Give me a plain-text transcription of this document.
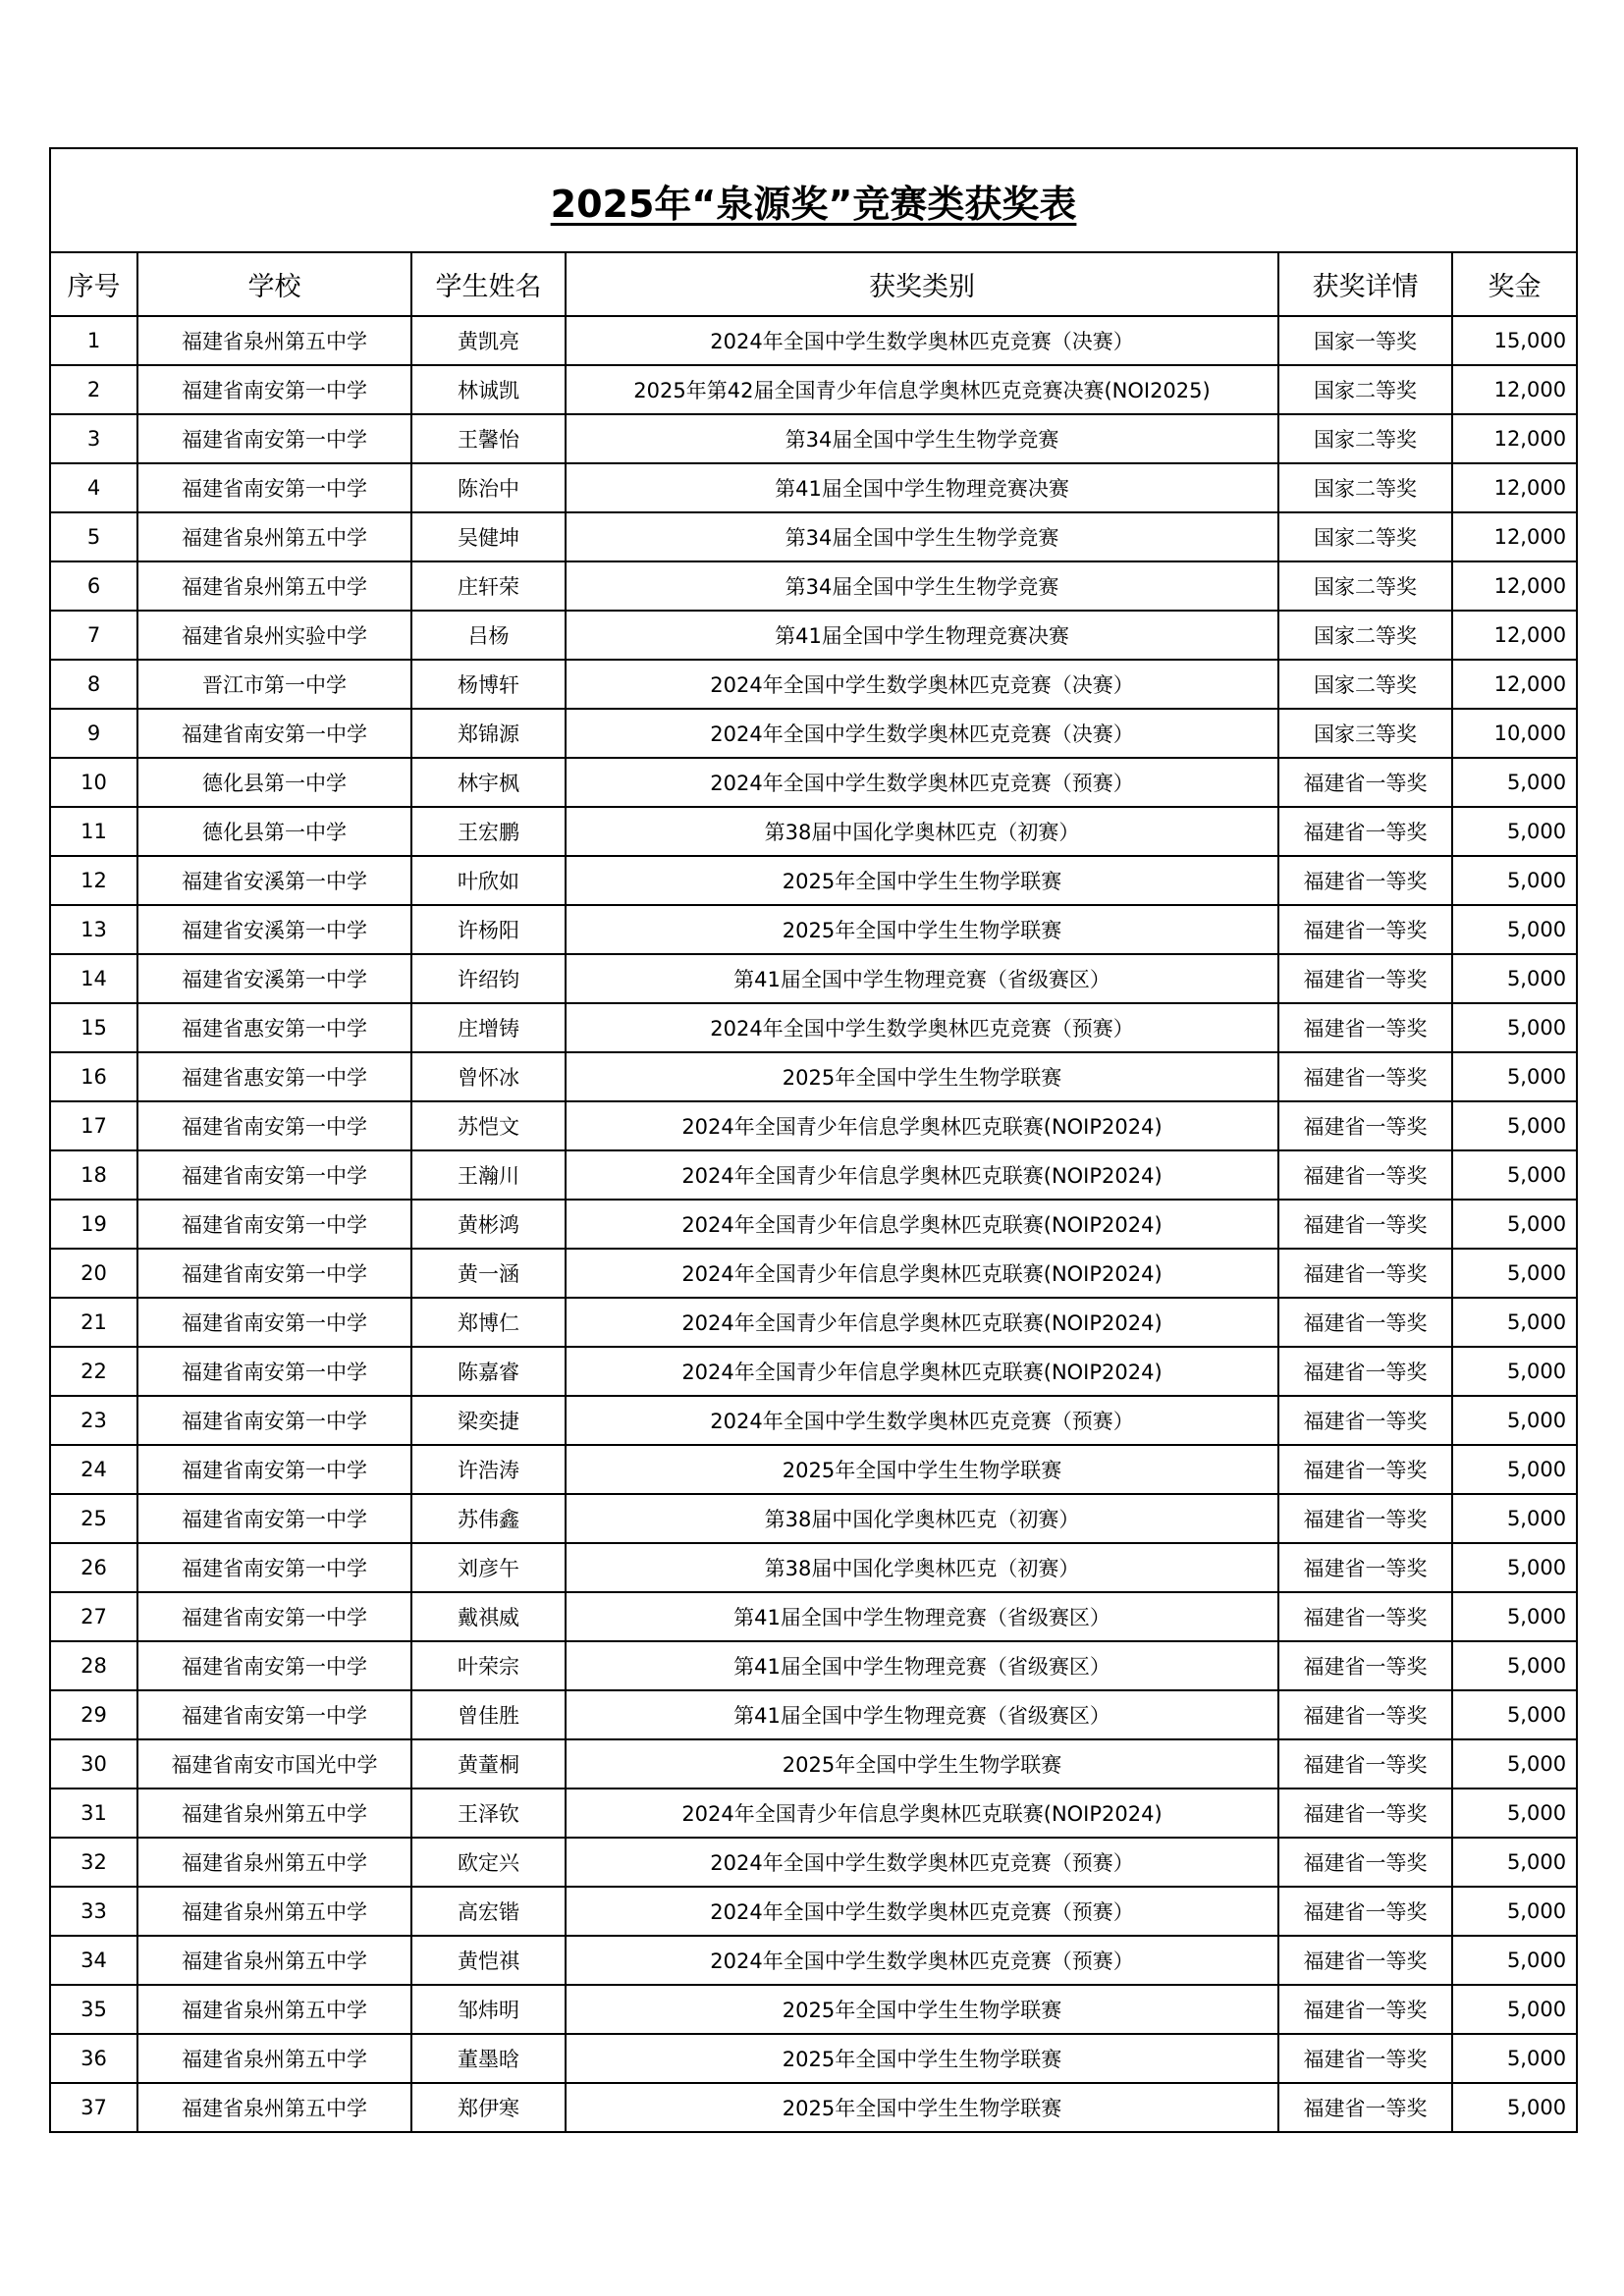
2025年“泉源奖”竞赛类获奖表					
序号	学校	学生姓名	获奖类别	获奖详情	奖金
1	福建省泉州第五中学	黄凯亮	2024年全国中学生数学奥林匹克竞赛（决赛）	国家一等奖	15,000
2	福建省南安第一中学	林诚凯	2025年第42届全国青少年信息学奥林匹克竞赛决赛(NOI2025)	国家二等奖	12,000
3	福建省南安第一中学	王馨怡	第34届全国中学生生物学竞赛	国家二等奖	12,000
4	福建省南安第一中学	陈治中	第41届全国中学生物理竞赛决赛	国家二等奖	12,000
5	福建省泉州第五中学	吴健坤	第34届全国中学生生物学竞赛	国家二等奖	12,000
6	福建省泉州第五中学	庄轩荣	第34届全国中学生生物学竞赛	国家二等奖	12,000
7	福建省泉州实验中学	吕杨	第41届全国中学生物理竞赛决赛	国家二等奖	12,000
8	晋江市第一中学	杨博轩	2024年全国中学生数学奥林匹克竞赛（决赛）	国家二等奖	12,000
9	福建省南安第一中学	郑锦源	2024年全国中学生数学奥林匹克竞赛（决赛）	国家三等奖	10,000
10	德化县第一中学	林宇枫	2024年全国中学生数学奥林匹克竞赛（预赛）	福建省一等奖	5,000
11	德化县第一中学	王宏鹏	第38届中国化学奥林匹克（初赛）	福建省一等奖	5,000
12	福建省安溪第一中学	叶欣如	2025年全国中学生生物学联赛	福建省一等奖	5,000
13	福建省安溪第一中学	许杨阳	2025年全国中学生生物学联赛	福建省一等奖	5,000
14	福建省安溪第一中学	许绍钧	第41届全国中学生物理竞赛（省级赛区）	福建省一等奖	5,000
15	福建省惠安第一中学	庄增铸	2024年全国中学生数学奥林匹克竞赛（预赛）	福建省一等奖	5,000
16	福建省惠安第一中学	曾怀冰	2025年全国中学生生物学联赛	福建省一等奖	5,000
17	福建省南安第一中学	苏恺文	2024年全国青少年信息学奥林匹克联赛(NOIP2024)	福建省一等奖	5,000
18	福建省南安第一中学	王瀚川	2024年全国青少年信息学奥林匹克联赛(NOIP2024)	福建省一等奖	5,000
19	福建省南安第一中学	黄彬鸿	2024年全国青少年信息学奥林匹克联赛(NOIP2024)	福建省一等奖	5,000
20	福建省南安第一中学	黄一涵	2024年全国青少年信息学奥林匹克联赛(NOIP2024)	福建省一等奖	5,000
21	福建省南安第一中学	郑博仁	2024年全国青少年信息学奥林匹克联赛(NOIP2024)	福建省一等奖	5,000
22	福建省南安第一中学	陈嘉睿	2024年全国青少年信息学奥林匹克联赛(NOIP2024)	福建省一等奖	5,000
23	福建省南安第一中学	梁奕捷	2024年全国中学生数学奥林匹克竞赛（预赛）	福建省一等奖	5,000
24	福建省南安第一中学	许浩涛	2025年全国中学生生物学联赛	福建省一等奖	5,000
25	福建省南安第一中学	苏伟鑫	第38届中国化学奥林匹克（初赛）	福建省一等奖	5,000
26	福建省南安第一中学	刘彦午	第38届中国化学奥林匹克（初赛）	福建省一等奖	5,000
27	福建省南安第一中学	戴祺威	第41届全国中学生物理竞赛（省级赛区）	福建省一等奖	5,000
28	福建省南安第一中学	叶荣宗	第41届全国中学生物理竞赛（省级赛区）	福建省一等奖	5,000
29	福建省南安第一中学	曾佳胜	第41届全国中学生物理竞赛（省级赛区）	福建省一等奖	5,000
30	福建省南安市国光中学	黄蕫桐	2025年全国中学生生物学联赛	福建省一等奖	5,000
31	福建省泉州第五中学	王泽钦	2024年全国青少年信息学奥林匹克联赛(NOIP2024)	福建省一等奖	5,000
32	福建省泉州第五中学	欧定兴	2024年全国中学生数学奥林匹克竞赛（预赛）	福建省一等奖	5,000
33	福建省泉州第五中学	高宏锴	2024年全国中学生数学奥林匹克竞赛（预赛）	福建省一等奖	5,000
34	福建省泉州第五中学	黄恺祺	2024年全国中学生数学奥林匹克竞赛（预赛）	福建省一等奖	5,000
35	福建省泉州第五中学	邹炜明	2025年全国中学生生物学联赛	福建省一等奖	5,000
36	福建省泉州第五中学	董墨晗	2025年全国中学生生物学联赛	福建省一等奖	5,000
37	福建省泉州第五中学	郑伊寒	2025年全国中学生生物学联赛	福建省一等奖	5,000
